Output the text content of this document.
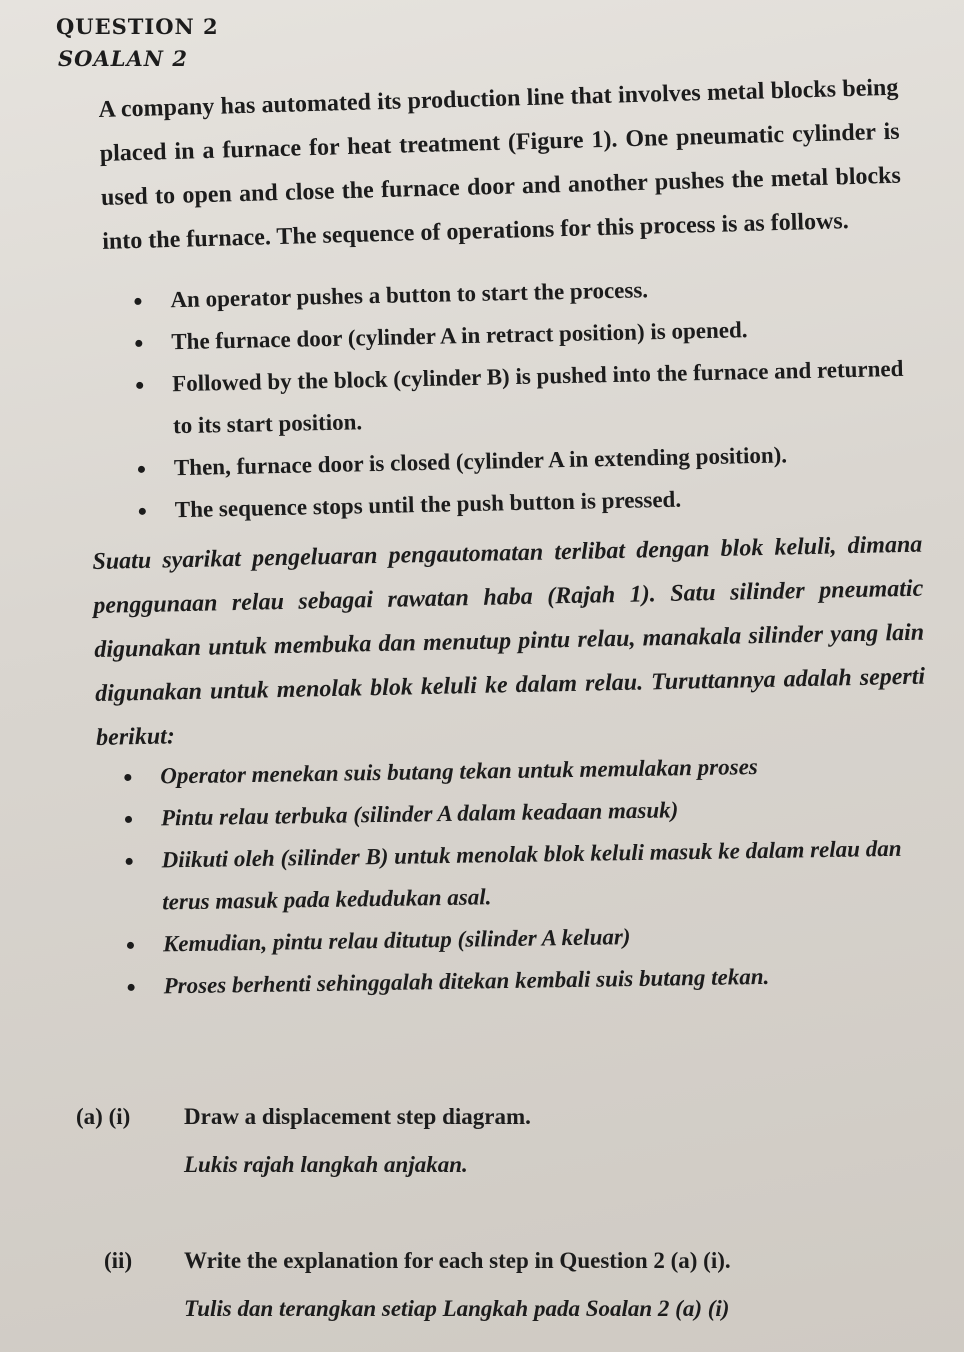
QUESTION 2
SOALAN 2
A company has automated its production line that involves metal blocks being placed in a furnace for heat treatment (Figure 1). One pneumatic cylinder is used to open and close the furnace door and another pushes the metal blocks into the furnace. The sequence of operations for this process is as follows.
An operator pushes a button to start the process.
The furnace door (cylinder A in retract position) is opened.
Followed by the block (cylinder B) is pushed into the furnace and returned to its start position.
Then, furnace door is closed (cylinder A in extending position).
The sequence stops until the push button is pressed.
Suatu syarikat pengeluaran pengautomatan terlibat dengan blok keluli, dimana penggunaan relau sebagai rawatan haba (Rajah 1). Satu silinder pneumatic digunakan untuk membuka dan menutup pintu relau, manakala silinder yang lain digunakan untuk menolak blok keluli ke dalam relau. Turuttannya adalah seperti berikut:
Operator menekan suis butang tekan untuk memulakan proses
Pintu relau terbuka (silinder A dalam keadaan masuk)
Diikuti oleh (silinder B) untuk menolak blok keluli masuk ke dalam relau dan terus masuk pada kedudukan asal.
Kemudian, pintu relau ditutup (silinder A keluar)
Proses berhenti sehinggalah ditekan kembali suis butang tekan.
(a) (i) Draw a displacement step diagram.
Lukis rajah langkah anjakan.
(ii) Write the explanation for each step in Question 2 (a) (i).
Tulis dan terangkan setiap Langkah pada Soalan 2 (a) (i)
